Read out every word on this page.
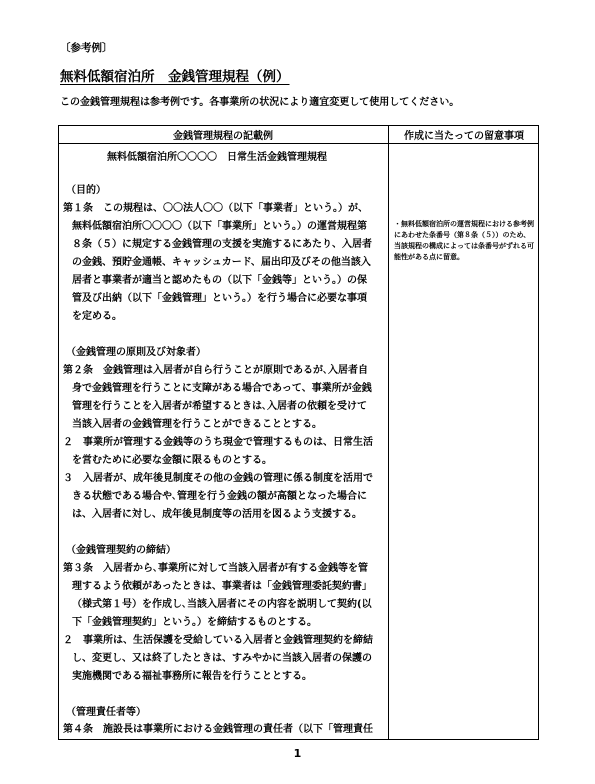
〔参考例〕
無料低額宿泊所　金銭管理規程（例）
この金銭管理規程は参考例です。各事業所の状況により適宜変更して使用してください。
金銭管理規程の記載例	作成に当たっての留意事項
無料低額宿泊所〇〇〇〇　日常生活金銭管理規程
（目的）
第１条　この規程は、〇〇法人〇〇（以下「事業者」という。）が、
無料低額宿泊所〇〇〇〇（以下「事業所」という。）の運営規程第
８条（５）に規定する金銭管理の支援を実施するにあたり、入居者
の金銭、預貯金通帳、キャッシュカード、届出印及びその他当該入
居者と事業者が適当と認めたもの（以下「金銭等」という。）の保
管及び出納（以下「金銭管理」という。）を行う場合に必要な事項
を定める。
（金銭管理の原則及び対象者）
第２条　金銭管理は入居者が自ら行うことが原則であるが､入居者自
身で金銭管理を行うことに支障がある場合であって、事業所が金銭
管理を行うことを入居者が希望するときは､入居者の依頼を受けて
当該入居者の金銭管理を行うことができることとする。
２　事業所が管理する金銭等のうち現金で管理するものは、日常生活
を営むために必要な金額に限るものとする。
３　入居者が、成年後見制度その他の金銭の管理に係る制度を活用で
きる状態である場合や､管理を行う金銭の額が高額となった場合に
は、入居者に対し、成年後見制度等の活用を図るよう支援する。
（金銭管理契約の締結）
第３条　入居者から､事業所に対して当該入居者が有する金銭等を管
理するよう依頼があったときは、事業者は「金銭管理委託契約書」
（様式第１号）を作成し､当該入居者にその内容を説明して契約(以
下「金銭管理契約」という。）を締結するものとする。
２　事業所は、生活保護を受給している入居者と金銭管理契約を締結
し、変更し、又は終了したときは、すみやかに当該入居者の保護の
実施機関である福祉事務所に報告を行うこととする。
（管理責任者等）
第４条　施設長は事業所における金銭管理の責任者（以下「管理責任
・無料低額宿泊所の運営規程における参考例にあわせた条番号（第８条（５））のため、当該規程の構成によっては条番号がずれる可能性がある点に留意。
1
